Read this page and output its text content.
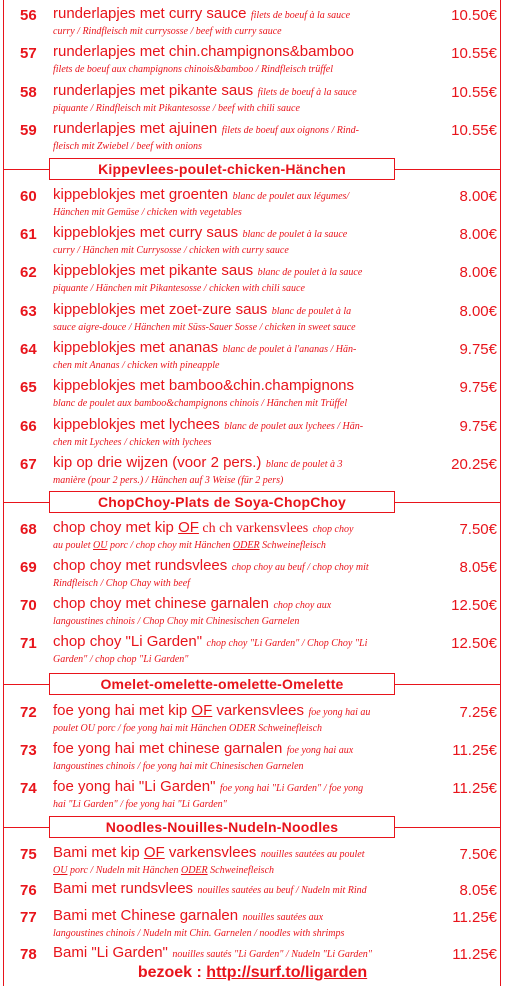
56 runderlapjes met curry sauce filets de boeuf à la sauce
curry / Rindfleisch mit currysosse / beef with curry sauce
10.50€
57 runderlapjes met chin.champignons&bamboo
filets de boeuf aux champignons chinois&bamboo / Rindfleisch trüffel
10.55€
58 runderlapjes met pikante saus filets de boeuf à la sauce
piquante / Rindfleisch mit Pikantesosse / beef with chili sauce
10.55€
59 runderlapjes met ajuinen filets de boeuf aux oignons / Rind-
fleisch mit Zwiebel / beef with onions
10.55€
Kippevlees-poulet-chicken-Hänchen
60 kippeblokjes met groenten blanc de poulet aux légumes/
Hänchen mit Gemüse / chicken with vegetables
8.00€
61 kippeblokjes met curry saus blanc de poulet à la sauce
curry / Hänchen mit Currysosse / chicken with curry sauce
8.00€
62 kippeblokjes met pikante saus blanc de poulet à la sauce
piquante / Hänchen mit Pikantesosse / chicken with chili sauce
8.00€
63 kippeblokjes met zoet-zure saus blanc de poulet à la
sauce aigre-douce / Hänchen mit Süss-Sauer Sosse / chicken in sweet sauce
8.00€
64 kippeblokjes met ananas blanc de poulet à l'ananas / Hän-
chen mit Ananas / chicken with pineapple
9.75€
65 kippeblokjes met bamboo&chin.champignons
blanc de poulet aux bamboo&champignons chinois / Hänchen mit Trüffel
9.75€
66 kippeblokjes met lychees blanc de poulet aux lychees / Hän-
chen mit Lychees / chicken with lychees
9.75€
67 kip op drie wijzen (voor 2 pers.) blanc de poulet à 3
manière (pour 2 pers.) / Hänchen auf 3 Weise (für 2 pers)
20.25€
ChopChoy-Plats de Soya-ChopChoy
68 chop choy met kip OF ch ch varkensvlees chop choy
au poulet OU porc / chop choy mit Hänchen ODER Schweinefleisch
7.50€
69 chop choy met rundsvlees chop choy au beuf / chop choy mit
Rindfleisch / Chop Chay with beef
8.05€
70 chop choy met chinese garnalen chop choy aux
langoustines chinois / Chop Choy mit Chinesischen Garnelen
12.50€
71 chop choy "Li Garden" chop choy "Li Garden" / Chop Choy "Li
Garden" / chop chop "Li Garden"
12.50€
Omelet-omelette-omelette-Omelette
72 foe yong hai met kip OF varkensvlees foe yong hai au
poulet OU porc / foe yong hai mit Hänchen ODER Schweinefleisch
7.25€
73 foe yong hai met chinese garnalen foe yong hai aux
langoustines chinois / foe yong hai mit Chinesischen Garnelen
11.25€
74 foe yong hai "Li Garden" foe yong hai "Li Garden" / foe yong
hai "Li Garden" / foe yong hai "Li Garden"
11.25€
Noodles-Nouilles-Nudeln-Noodles
75 Bami met kip OF varkensvlees nouilles sautées au poulet
OU porc / Nudeln mit Hänchen ODER Schweinefleisch
7.50€
76 Bami met rundsvlees nouilles sautées au beuf / Nudeln mit Rind	8.05€
77 Bami met Chinese garnalen nouilles sautées aux
langoustines chinois / Nudeln mit Chin. Garnelen / noodles with shrimps
11.25€
78 Bami "Li Garden" nouilles sautés "Li Garden" / Nudeln "Li Garden"	11.25€
bezoek : http://surf.to/ligarden
